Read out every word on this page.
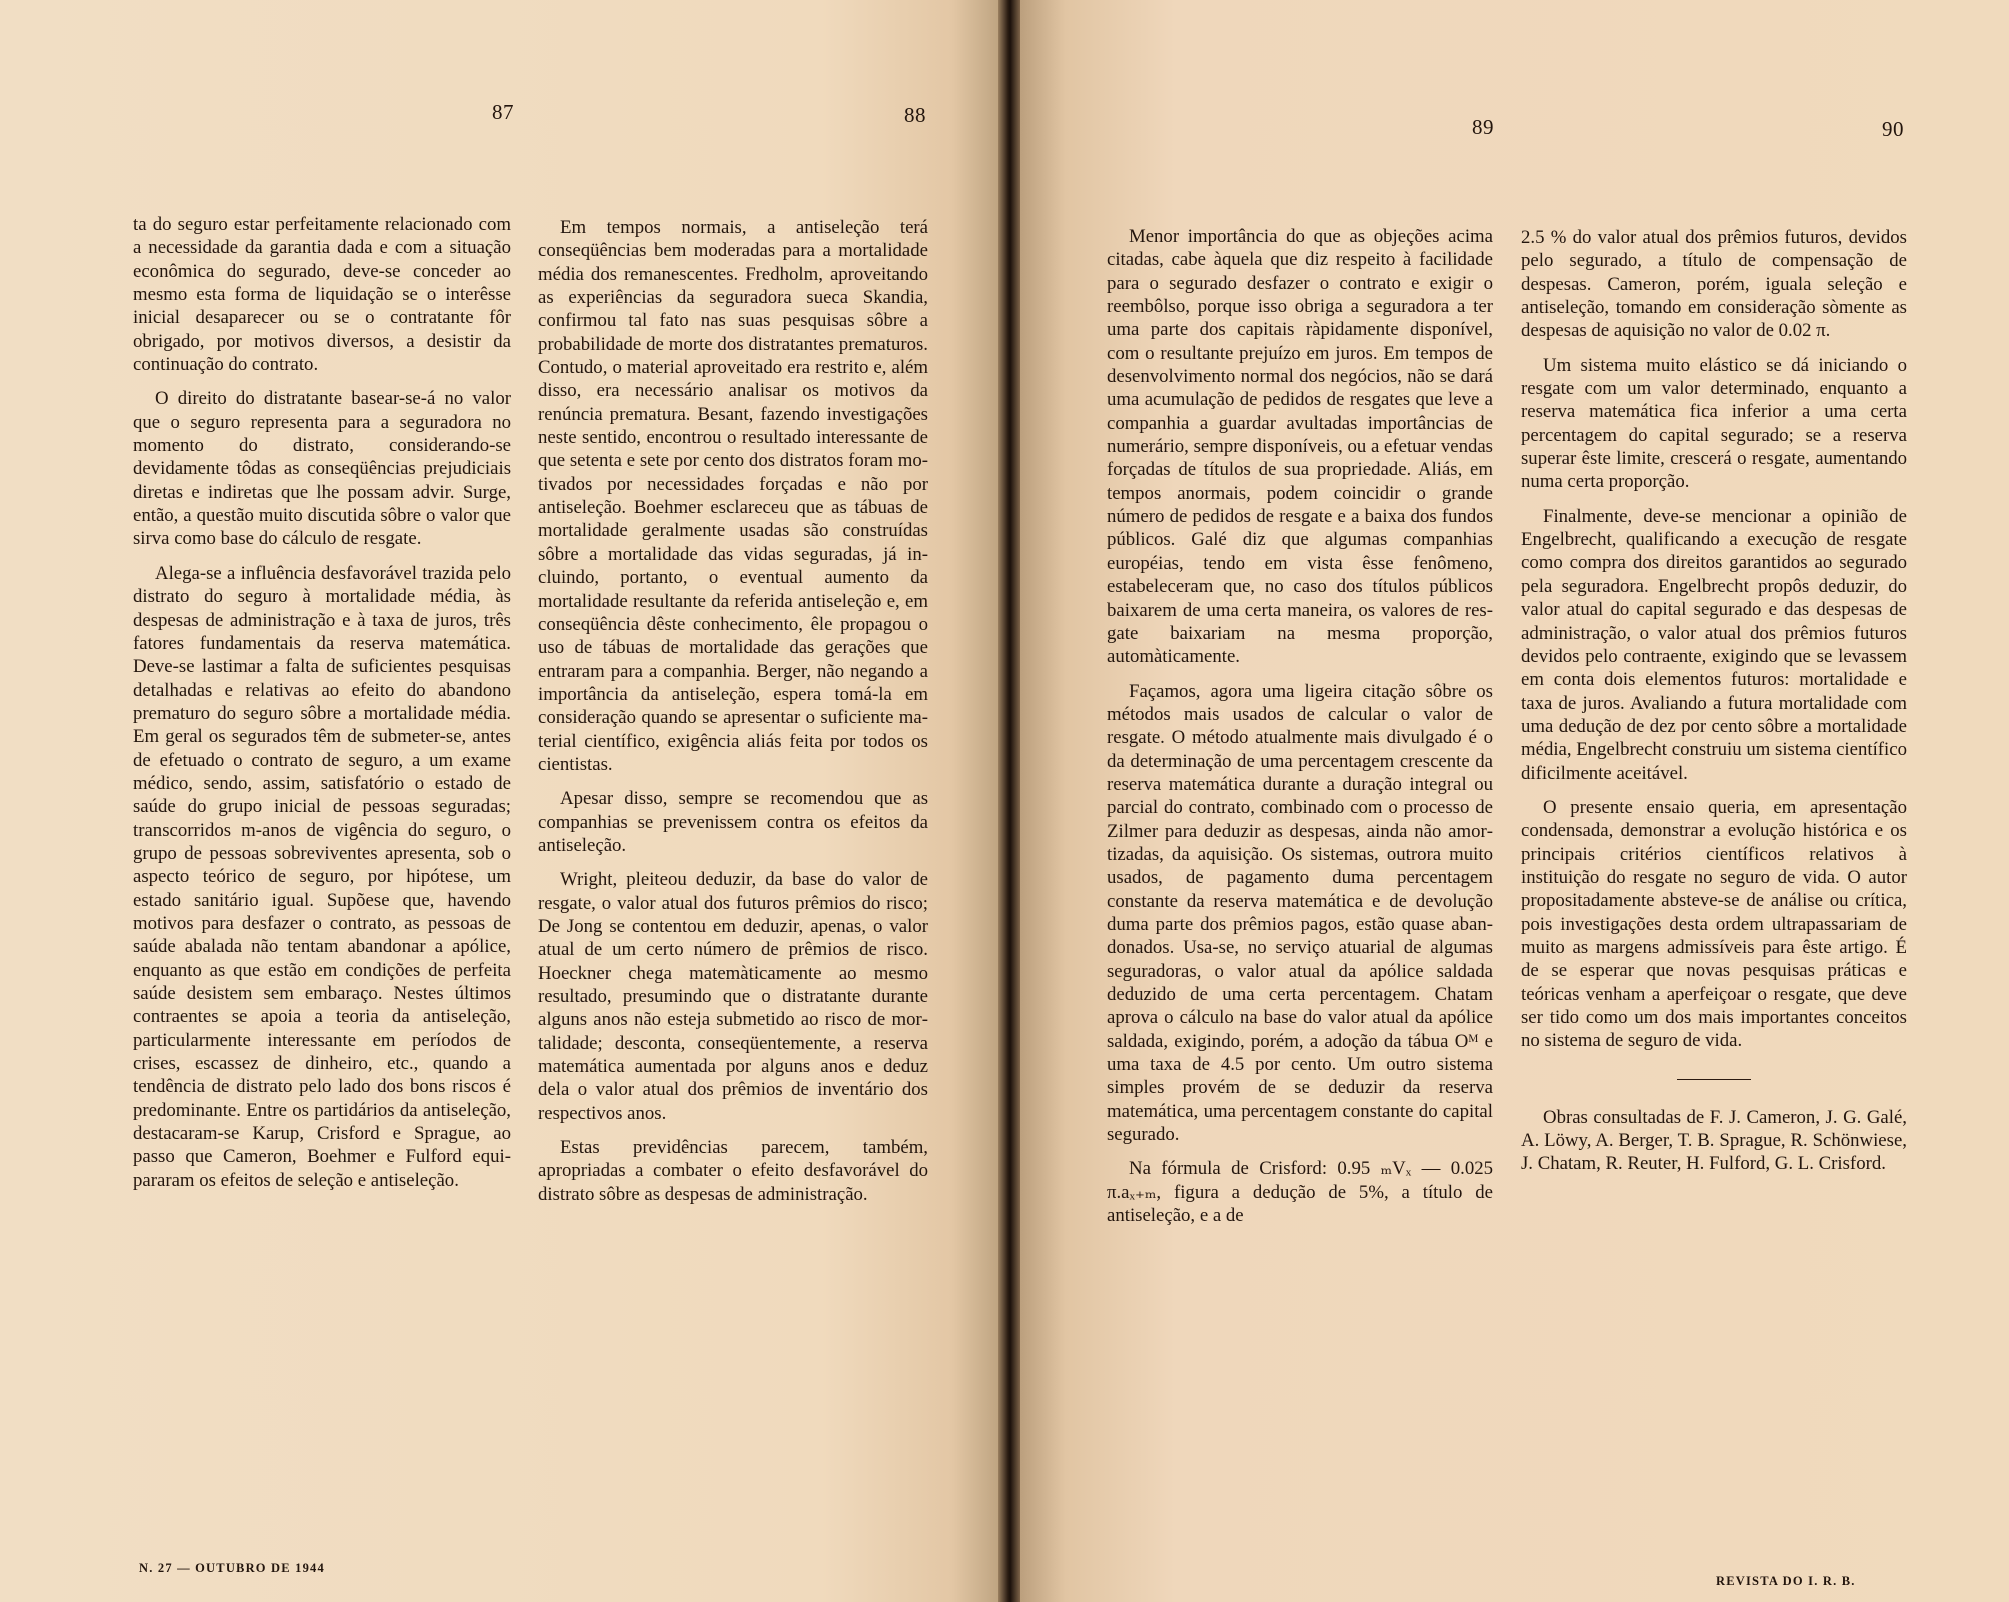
87	88	89	90

ta do seguro estar perfeitamente relacionado com a necessidade da garantia dada e com a situação econômica do segurado, deve-se conceder ao mesmo esta forma de liquidação se o interêsse inicial desaparecer ou se o contratante fôr obrigado, por motivos diversos, a desistir da continuação do contrato.

O direito do distratante basear-se-á no valor que o seguro representa para a seguradora no momento do distrato, considerando-se devidamente tôdas as conseqüências prejudiciais diretas e indiretas que lhe possam advir. Surge, então, a questão muito discutida sôbre o valor que sirva como base do cálculo de resgate.

Alega-se a influência desfavorável trazida pelo distrato do seguro à mortalidade média, às despesas de administração e à taxa de juros, três fatores fundamentais da reserva matemática. Deve-se lastimar a falta de suficientes pesquisas detalhadas e relativas ao efeito do abandono prematuro do seguro sôbre a mortalidade média. Em geral os segurados têm de submeter-se, antes de efetuado o contrato de seguro, a um exame médico, sendo, assim, satisfatório o estado de saúde do grupo inicial de pessoas seguradas; transcorridos m-anos de vigência do seguro, o grupo de pessoas sobreviventes apresenta, sob o aspecto teórico de seguro, por hipótese, um estado sanitário igual. Supõese que, havendo motivos para desfazer o contrato, as pessoas de saúde abalada não tentam abandonar a apólice, enquanto as que estão em condições de perfeita saúde desistem sem embaraço. Nestes últimos contraentes se apoia a teoria da antiseleção, particularmente interessante em períodos de crises, escassez de dinheiro, etc., quando a tendência de distrato pelo lado dos bons riscos é predominante. Entre os partidários da antiseleção, destacaram-se Karup, Crisford e Sprague, ao passo que Cameron, Boehmer e Fulford equipararam os efeitos de seleção e antiseleção.

Em tempos normais, a antiseleção terá conseqüências bem moderadas para a mortalidade média dos remanescentes. Fredholm, aproveitando as experiências da seguradora sueca Skandia, confirmou tal fato nas suas pesquisas sôbre a probabilidade de morte dos distratantes prematuros. Contudo, o material aproveitado era restrito e, além disso, era necessário analisar os motivos da renúncia prematura. Besant, fazendo investigações neste sentido, encontrou o resultado interessante de que setenta e sete por cento dos distratos foram motivados por necessidades forçadas e não por antiseleção. Boehmer esclareceu que as tábuas de mortalidade geralmente usadas são construídas sôbre a mortalidade das vidas seguradas, já incluindo, portanto, o eventual aumento da mortalidade resultante da referida antiseleção e, em conseqüência dêste conhecimento, êle propagou o uso de tábuas de mortalidade das gerações que entraram para a companhia. Berger, não negando a importância da antiseleção, espera tomá-la em consideração quando se apresentar o suficiente material científico, exigência aliás feita por todos os cientistas.

Apesar disso, sempre se recomendou que as companhias se prevenissem contra os efeitos da antiseleção.

Wright, pleiteou deduzir, da base do valor de resgate, o valor atual dos futuros prêmios do risco; De Jong se contentou em deduzir, apenas, o valor atual de um certo número de prêmios de risco. Hoeckner chega matemàticamente ao mesmo resultado, presumindo que o distratante durante alguns anos não esteja submetido ao risco de mortalidade; desconta, conseqüentemente, a reserva matemática aumentada por alguns anos e deduz dela o valor atual dos prêmios de inventário dos respectivos anos.

Estas previdências parecem, também, apropriadas a combater o efeito desfavorável do distrato sôbre as despesas de administração.

Menor importância do que as objeções acima citadas, cabe àquela que diz respeito à facilidade para o segurado desfazer o contrato e exigir o reembôlso, porque isso obriga a seguradora a ter uma parte dos capitais ràpidamente disponível, com o resultante prejuízo em juros. Em tempos de desenvolvimento normal dos negócios, não se dará uma acumulação de pedidos de resgates que leve a companhia a guardar avultadas importâncias de numerário, sempre disponíveis, ou a efetuar vendas forçadas de títulos de sua propriedade. Aliás, em tempos anormais, podem coincidir o grande número de pedidos de resgate e a baixa dos fundos públicos. Galé diz que algumas companhias européias, tendo em vista êsse fenômeno, estabeleceram que, no caso dos títulos públicos baixarem de uma certa maneira, os valores de resgate baixariam na mesma proporção, automàticamente.

Façamos, agora uma ligeira citação sôbre os métodos mais usados de calcular o valor de resgate. O método atualmente mais divulgado é o da determinação de uma percentagem crescente da reserva matemática durante a duração integral ou parcial do contrato, combinado com o processo de Zilmer para deduzir as despesas, ainda não amortizadas, da aquisição. Os sistemas, outrora muito usados, de pagamento duma percentagem constante da reserva matemática e de devolução duma parte dos prêmios pagos, estão quase abandonados. Usa-se, no serviço atuarial de algumas seguradoras, o valor atual da apólice saldada deduzido de uma certa percentagem. Chatam aprova o cálculo na base do valor atual da apólice saldada, exigindo, porém, a adoção da tábua Oᴹ e uma taxa de 4.5 por cento. Um outro sistema simples provém de se deduzir da reserva matemática, uma percentagem constante do capital segurado.

Na fórmula de Crisford: 0.95 ₘVₓ — 0.025 π.aₓ₊ₘ, figura a dedução de 5%, a título de antiseleção, e a de

2.5 % do valor atual dos prêmios futuros, devidos pelo segurado, a título de compensação de despesas. Cameron, porém, iguala seleção e antiseleção, tomando em consideração sòmente as despesas de aquisição no valor de 0.02 π.

Um sistema muito elástico se dá iniciando o resgate com um valor determinado, enquanto a reserva matemática fica inferior a uma certa percentagem do capital segurado; se a reserva superar êste limite, crescerá o resgate, aumentando numa certa proporção.

Finalmente, deve-se mencionar a opinião de Engelbrecht, qualificando a execução de resgate como compra dos direitos garantidos ao segurado pela seguradora. Engelbrecht propôs deduzir, do valor atual do capital segurado e das despesas de administração, o valor atual dos prêmios futuros devidos pelo contraente, exigindo que se levassem em conta dois elementos futuros: mortalidade e taxa de juros. Avaliando a futura mortalidade com uma dedução de dez por cento sôbre a mortalidade média, Engelbrecht construiu um sistema científico dificilmente aceitável.

O presente ensaio queria, em apresentação condensada, demonstrar a evolução histórica e os principais critérios científicos relativos à instituição do resgate no seguro de vida. O autor propositadamente absteve-se de análise ou crítica, pois investigações desta ordem ultrapassariam de muito as margens admissíveis para êste artigo. É de se esperar que novas pesquisas práticas e teóricas venham a aperfeiçoar o resgate, que deve ser tido como um dos mais importantes conceitos no sistema de seguro de vida.

Obras consultadas de F. J. Cameron, J. G. Galé, A. Löwy, A. Berger, T. B. Sprague, R. Schönwiese, J. Chatam, R. Reuter, H. Fulford, G. L. Crisford.

N. 27 — OUTUBRO DE 1944
REVISTA DO I. R. B.
